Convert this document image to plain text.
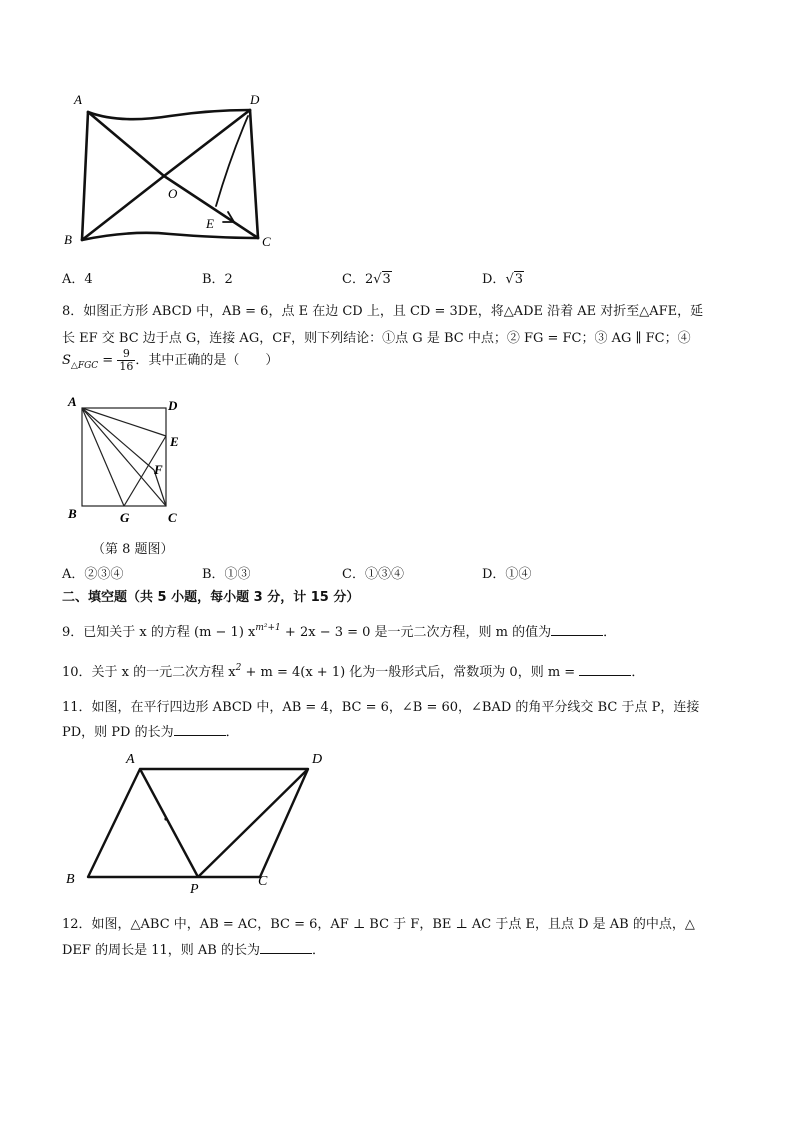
A	D
B	C
O
E
A．4	B．2	C．2√3	D．√3
8．如图正方形 ABCD 中，AB = 6，点 E 在边 CD 上，且 CD = 3DE，将△ADE 沿着 AE 对折至△AFE，延
长 EF 交 BC 边于点 G，连接 AG，CF，则下列结论：①点 G 是 BC 中点；② FG = FC；③ AG ∥ FC；④
$S_{\triangle FGC} = \frac{9}{16}$ ．其中正确的是（　　）
A	D
E
F
B	G	C
（第 8 题图）
A．②③④	B．①③	C．①③④	D．①④
二、填空题（共 5 小题，每小题 3 分，计 15 分）
9．已知关于 x 的方程 (m − 1) $x^{m^2+1} + 2x - 3 = 0$ 是一元二次方程，则 m 的值为	．
10．关于 x 的一元二次方程 $x^2 + m = 4(x + 1)$ 化为一般形式后，常数项为 0，则 m =	．
11．如图，在平行四边形 ABCD 中，AB = 4，BC = 6，∠B = 60，∠BAD 的角平分线交 BC 于点 P，连接
PD，则 PD 的长为	．
A	D
B
P
C
12．如图，△ABC 中，AB = AC，BC = 6，AF ⊥ BC 于 F，BE ⊥ AC 于点 E，且点 D 是 AB 的中点，△
DEF 的周长是 11，则 AB 的长为	．
